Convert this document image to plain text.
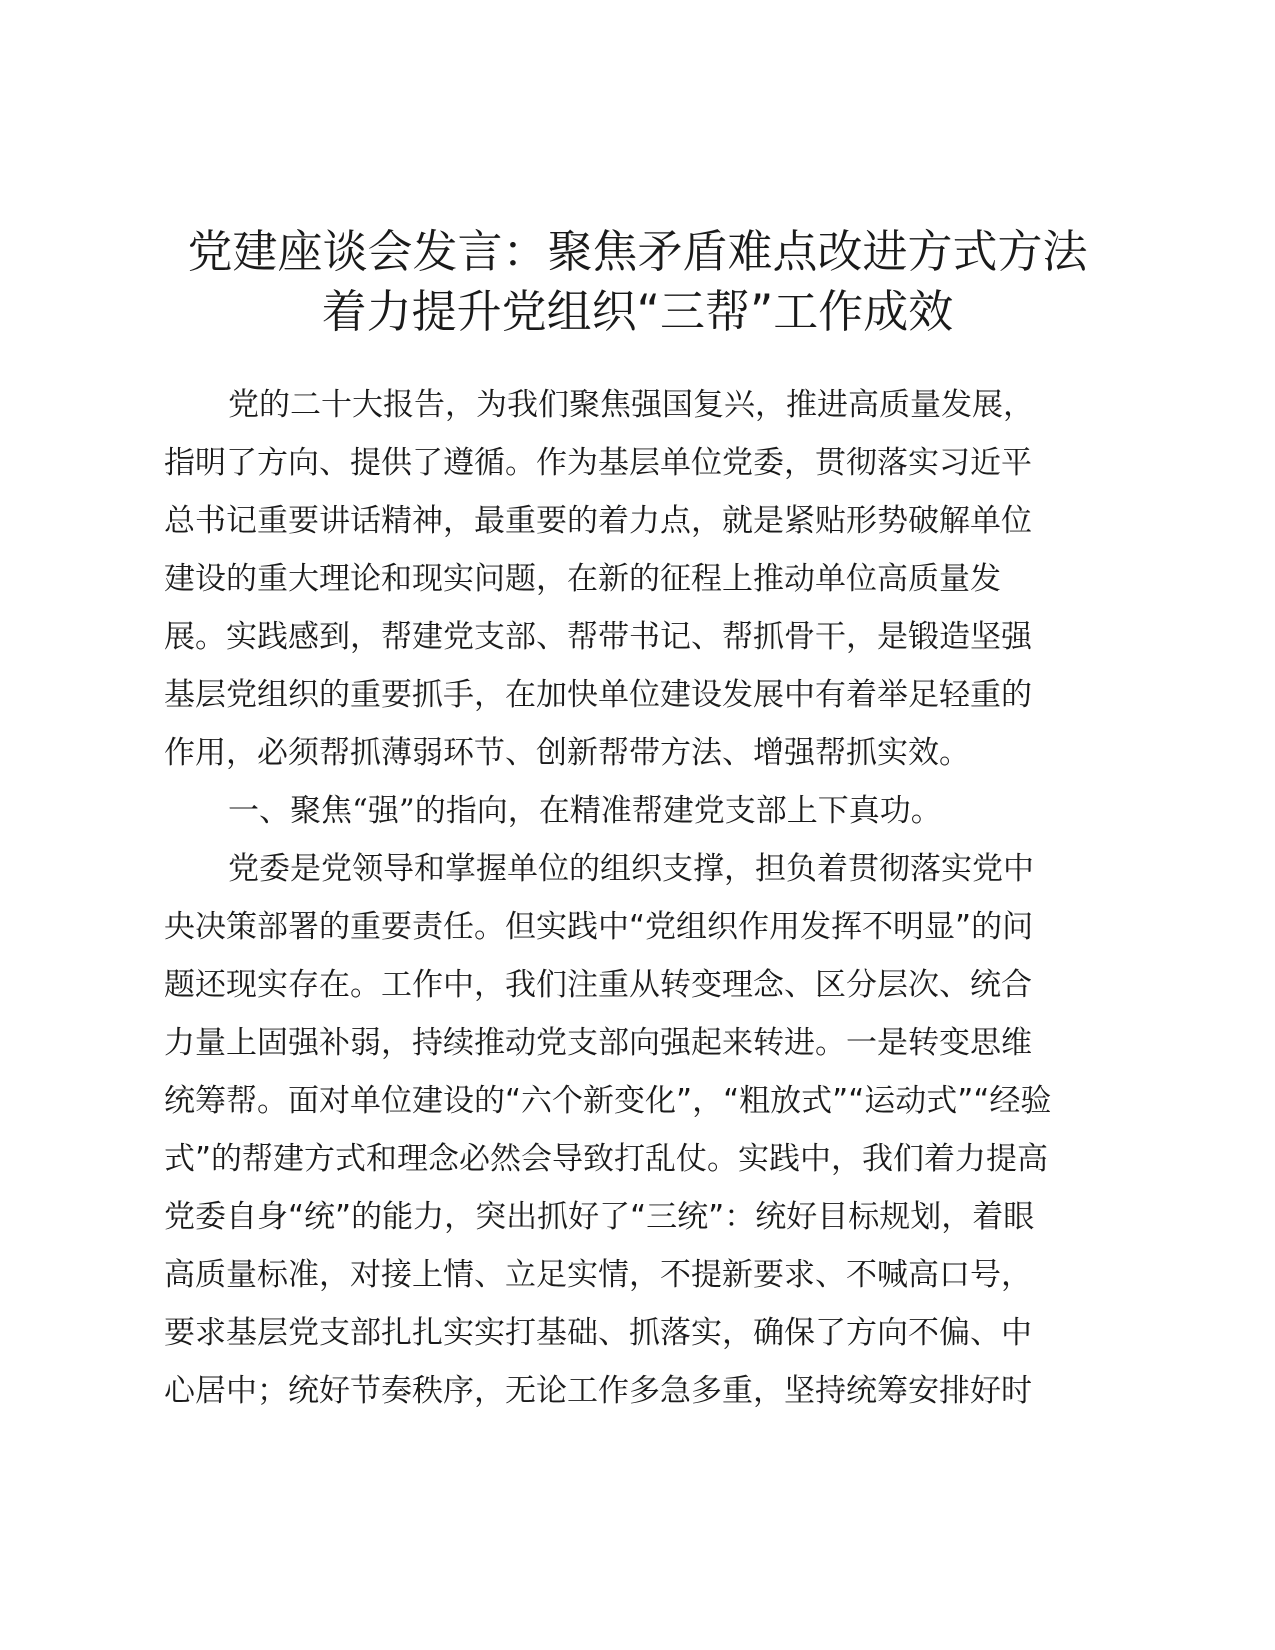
党建座谈会发言：聚焦矛盾难点改进方式方法
着力提升党组织“三帮”工作成效
党的二十大报告，为我们聚焦强国复兴，推进高质量发展，
指明了方向、提供了遵循。作为基层单位党委，贯彻落实习近平
总书记重要讲话精神，最重要的着力点，就是紧贴形势破解单位
建设的重大理论和现实问题，在新的征程上推动单位高质量发
展。实践感到，帮建党支部、帮带书记、帮抓骨干，是锻造坚强
基层党组织的重要抓手，在加快单位建设发展中有着举足轻重的
作用，必须帮抓薄弱环节、创新帮带方法、增强帮抓实效。
一、聚焦“强”的指向，在精准帮建党支部上下真功。
党委是党领导和掌握单位的组织支撑，担负着贯彻落实党中
央决策部署的重要责任。但实践中“党组织作用发挥不明显”的问
题还现实存在。工作中，我们注重从转变理念、区分层次、统合
力量上固强补弱，持续推动党支部向强起来转进。一是转变思维
统筹帮。面对单位建设的“六个新变化”，“粗放式”“运动式”“经验
式”的帮建方式和理念必然会导致打乱仗。实践中，我们着力提高
党委自身“统”的能力，突出抓好了“三统”：统好目标规划，着眼
高质量标准，对接上情、立足实情，不提新要求、不喊高口号，
要求基层党支部扎扎实实打基础、抓落实，确保了方向不偏、中
心居中；统好节奏秩序，无论工作多急多重，坚持统筹安排好时
